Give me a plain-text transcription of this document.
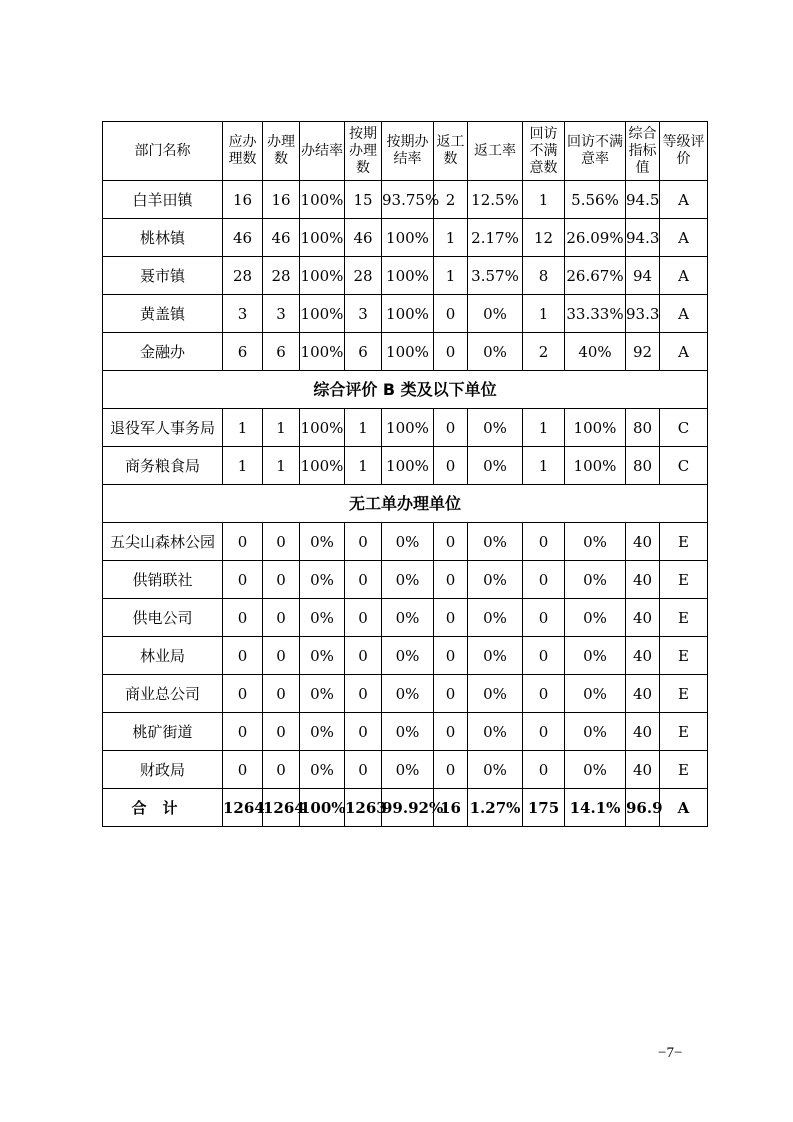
部门名称	应办理数	办理数	办结率	按期办理数	按期办结率	返工数	返工率	回访不满意数	回访不满意率	综合指标值	等级评价
白羊田镇	16	16	100%	15	93.75%	2	12.5%	1	5.56%	94.5	A
桃林镇	46	46	100%	46	100%	1	2.17%	12	26.09%	94.3	A
聂市镇	28	28	100%	28	100%	1	3.57%	8	26.67%	94	A
黄盖镇	3	3	100%	3	100%	0	0%	1	33.33%	93.3	A
金融办	6	6	100%	6	100%	0	0%	2	40%	92	A
综合评价 B 类及以下单位											
退役军人事务局	1	1	100%	1	100%	0	0%	1	100%	80	C
商务粮食局	1	1	100%	1	100%	0	0%	1	100%	80	C
无工单办理单位											
五尖山森林公园	0	0	0%	0	0%	0	0%	0	0%	40	E
供销联社	0	0	0%	0	0%	0	0%	0	0%	40	E
供电公司	0	0	0%	0	0%	0	0%	0	0%	40	E
林业局	0	0	0%	0	0%	0	0%	0	0%	40	E
商业总公司	0	0	0%	0	0%	0	0%	0	0%	40	E
桃矿街道	0	0	0%	0	0%	0	0%	0	0%	40	E
财政局	0	0	0%	0	0%	0	0%	0	0%	40	E
合计	1264	1264	100%	1263	99.92%	16	1.27%	175	14.1%	96.9	A
−7−
